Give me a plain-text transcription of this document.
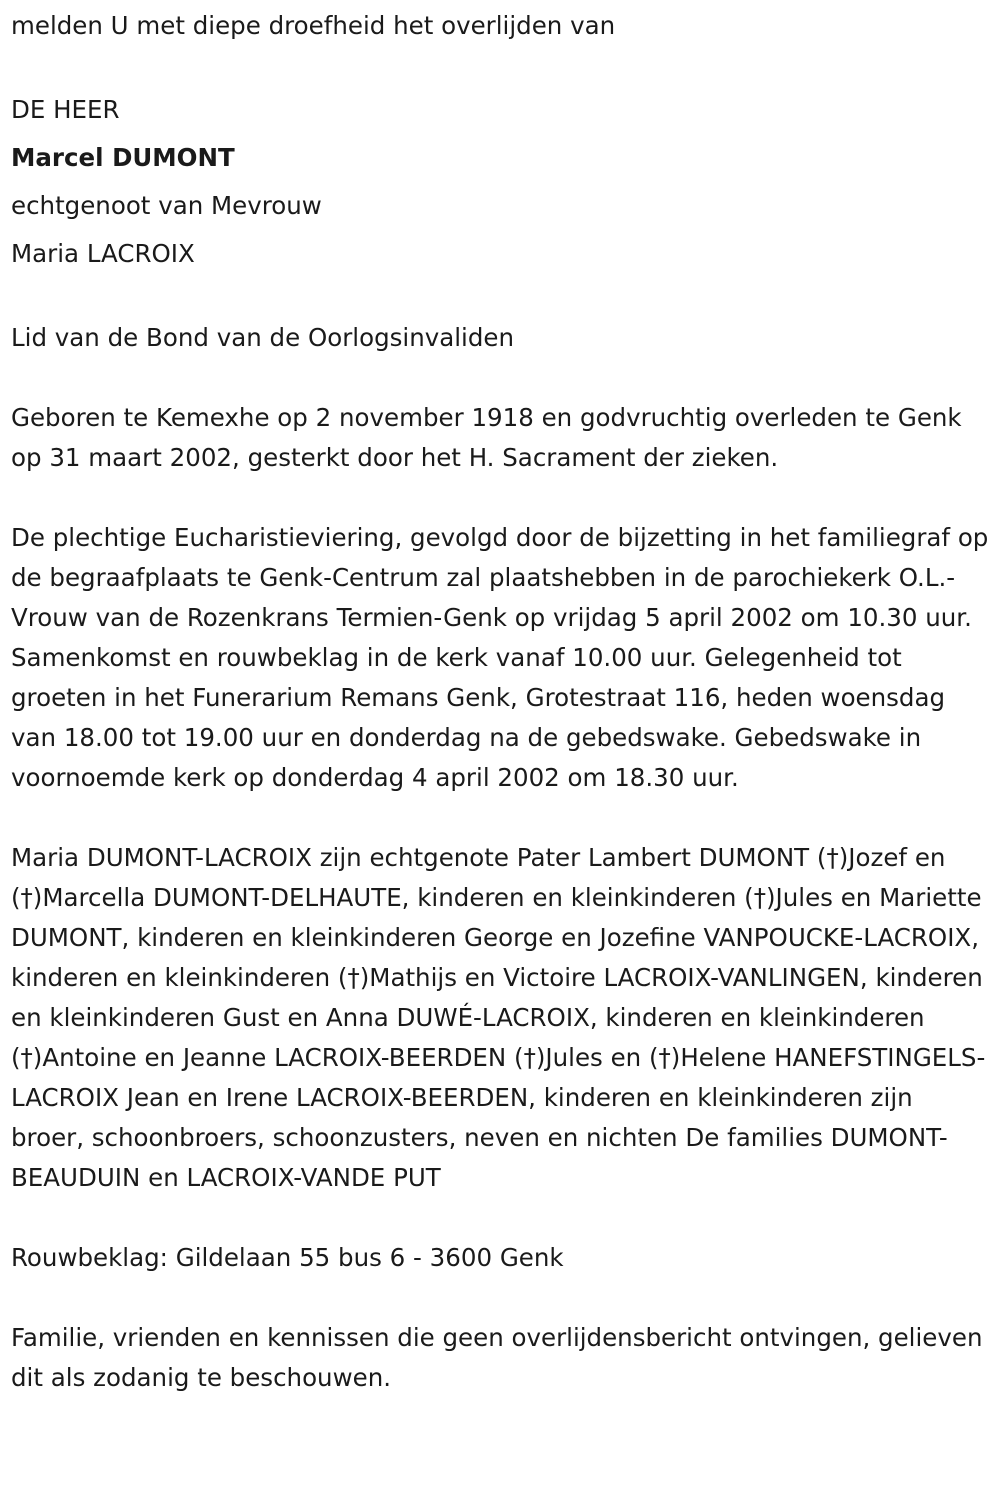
melden U met diepe droefheid het overlijden van

DE HEER

Marcel DUMONT

echtgenoot van Mevrouw

Maria LACROIX

Lid van de Bond van de Oorlogsinvaliden

Geboren te Kemexhe op 2 november 1918 en godvruchtig overleden te Genk op 31 maart 2002, gesterkt door het H. Sacrament der zieken.

De plechtige Eucharistieviering, gevolgd door de bijzetting in het familiegraf op de begraafplaats te Genk-Centrum zal plaatshebben in de parochiekerk O.L.- Vrouw van de Rozenkrans Termien-Genk op vrijdag 5 april 2002 om 10.30 uur. Samenkomst en rouwbeklag in de kerk vanaf 10.00 uur. Gelegenheid tot groeten in het Funerarium Remans Genk, Grotestraat 116, heden woensdag van 18.00 tot 19.00 uur en donderdag na de gebedswake. Gebedswake in voornoemde kerk op donderdag 4 april 2002 om 18.30 uur.

Maria DUMONT-LACROIX zijn echtgenote Pater Lambert DUMONT (†)Jozef en (†)Marcella DUMONT-DELHAUTE, kinderen en kleinkinderen (†)Jules en Mariette DUMONT, kinderen en kleinkinderen George en Jozefine VANPOUCKE-LACROIX, kinderen en kleinkinderen (†)Mathijs en Victoire LACROIX-VANLINGEN, kinderen en kleinkinderen Gust en Anna DUWÉ-LACROIX, kinderen en kleinkinderen (†)Antoine en Jeanne LACROIX-BEERDEN (†)Jules en (†)Helene HANEFSTINGELS-LACROIX Jean en Irene LACROIX-BEERDEN, kinderen en kleinkinderen zijn broer, schoonbroers, schoonzusters, neven en nichten De families DUMONT-BEAUDUIN en LACROIX-VANDE PUT

Rouwbeklag: Gildelaan 55 bus 6 - 3600 Genk

Familie, vrienden en kennissen die geen overlijdensbericht ontvingen, gelieven dit als zodanig te beschouwen.
